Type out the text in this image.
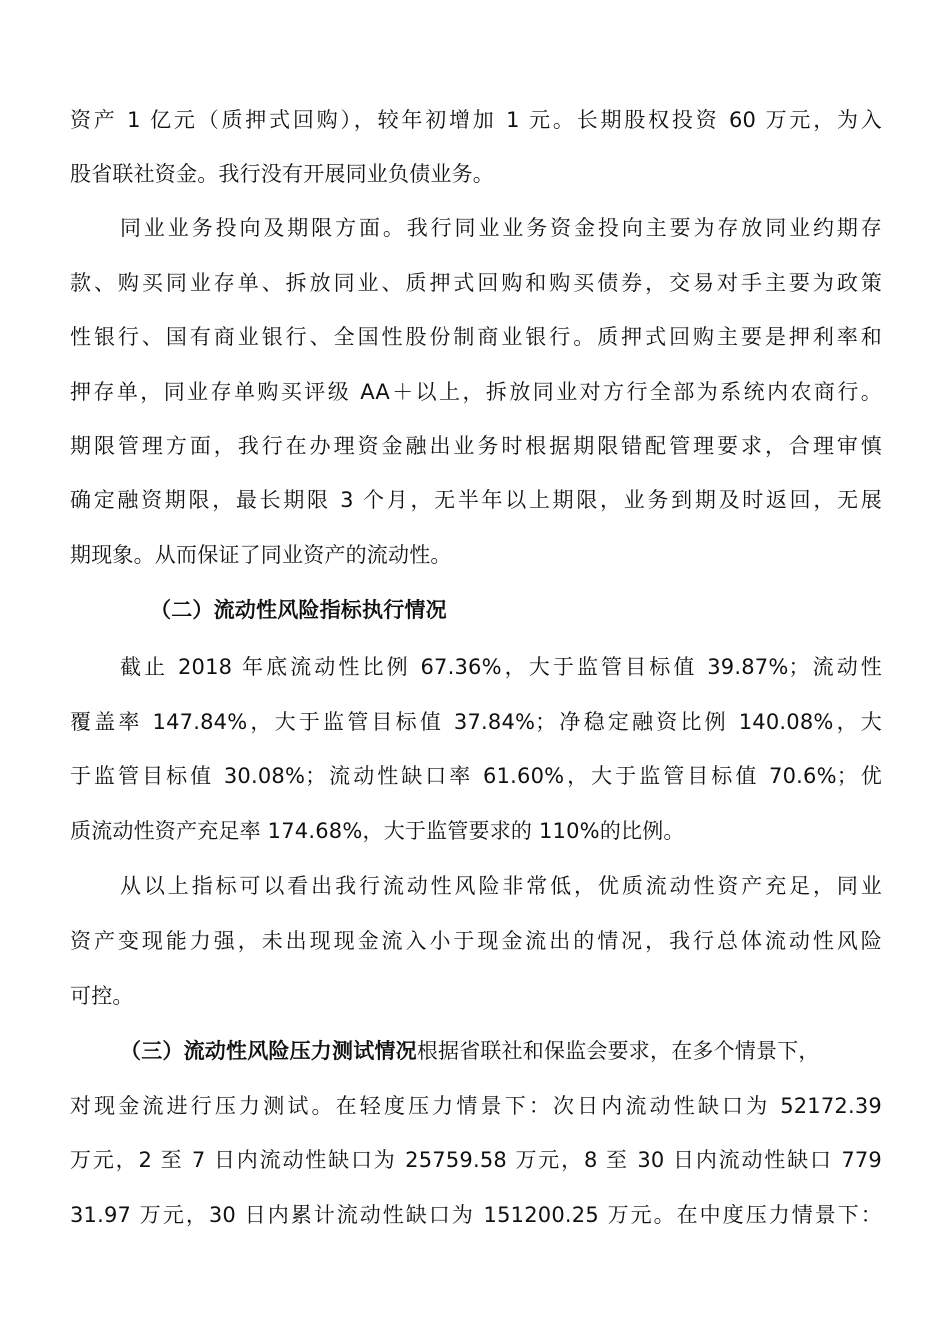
资产 1 亿元（质押式回购），较年初增加 1 元。长期股权投资 60 万元，为入
股省联社资金。我行没有开展同业负债业务。
同业业务投向及期限方面。我行同业业务资金投向主要为存放同业约期存
款、购买同业存单、拆放同业、质押式回购和购买债券，交易对手主要为政策
性银行、国有商业银行、全国性股份制商业银行。质押式回购主要是押利率和
押存单，同业存单购买评级 AA＋以上，拆放同业对方行全部为系统内农商行。
期限管理方面，我行在办理资金融出业务时根据期限错配管理要求，合理审慎
确定融资期限，最长期限 3 个月，无半年以上期限，业务到期及时返回，无展
期现象。从而保证了同业资产的流动性。
（二）流动性风险指标执行情况
截止 2018 年底流动性比例 67.36%，大于监管目标值 39.87%；流动性
覆盖率 147.84%，大于监管目标值 37.84%；净稳定融资比例 140.08%，大
于监管目标值 30.08%；流动性缺口率 61.60%，大于监管目标值 70.6%；优
质流动性资产充足率 174.68%，大于监管要求的 110%的比例。
从以上指标可以看出我行流动性风险非常低，优质流动性资产充足，同业
资产变现能力强，未出现现金流入小于现金流出的情况，我行总体流动性风险
可控。
（三）流动性风险压力测试情况根据省联社和保监会要求，在多个情景下，
对现金流进行压力测试。在轻度压力情景下：次日内流动性缺口为 52172.39
万元，2 至 7 日内流动性缺口为 25759.58 万元，8 至 30 日内流动性缺口 779
31.97 万元，30 日内累计流动性缺口为 151200.25 万元。在中度压力情景下：
